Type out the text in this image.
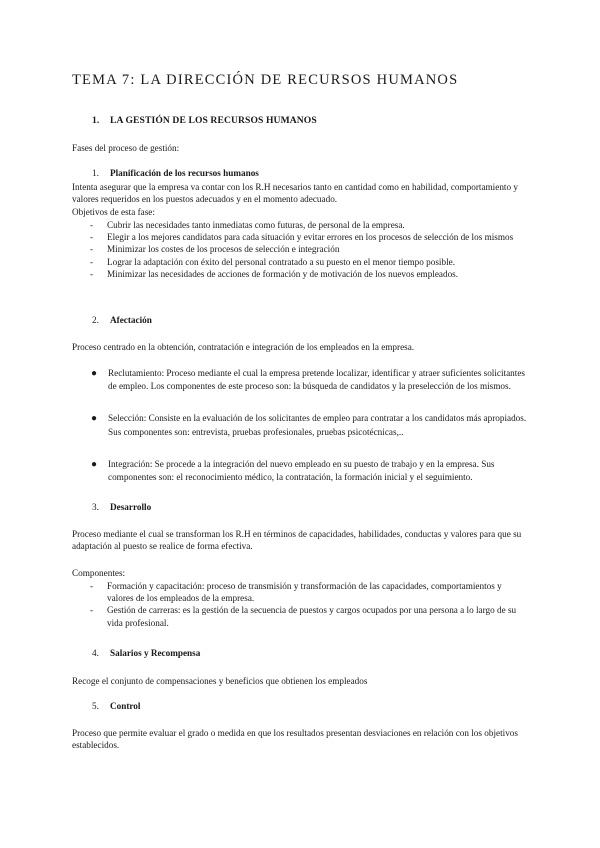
TEMA 7: LA DIRECCIÓN DE RECURSOS HUMANOS
1. LA GESTIÓN DE LOS RECURSOS HUMANOS

Fases del proceso de gestión:

1. Planificación de los recursos humanos

Intenta asegurar que la empresa va contar con los R.H necesarios tanto en cantidad como en habilidad, comportamiento y valores requeridos en los puestos adecuados y en el momento adecuado.

Objetivos de esta fase:

- Cubrir las necesidades tanto inmediatas como futuras, de personal de la empresa.
- Elegir a los mejores candidatos para cada situación y evitar errores en los procesos de selección de los mismos
- Minimizar los costes de los procesos de selección e integración
- Lograr la adaptación con éxito del personal contratado a su puesto en el menor tiempo posible.
- Minimizar las necesidades de acciones de formación y de motivación de los nuevos empleados.
2. Afectación

Proceso centrado en la obtención, contratación e integración de los empleados en la empresa.

● Reclutamiento: Proceso mediante el cual la empresa pretende localizar, identificar y atraer suficientes solicitantes de empleo. Los componentes de este proceso son: la búsqueda de candidatos y la preselección de los mismos.
● Selección: Consiste en la evaluación de los solicitantes de empleo para contratar a los candidatos más apropiados. Sus componentes son: entrevista, pruebas profesionales, pruebas psicotécnicas,..
● Integración: Se procede a la integración del nuevo empleado en su puesto de trabajo y en la empresa. Sus componentes son: el reconocimiento médico, la contratación, la formación inicial y el seguimiento.
3. Desarrollo

Proceso mediante el cual se transforman los R.H en términos de capacidades, habilidades, conductas y valores para que su adaptación al puesto se realice de forma efectiva.

Componentes:

- Formación y capacitación: proceso de transmisión y transformación de las capacidades, comportamientos y valores de los empleados de la empresa.
- Gestión de carreras: es la gestión de la secuencia de puestos y cargos ocupados por una persona a lo largo de su vida profesional.
4. Salarios y Recompensa

Recoge el conjunto de compensaciones y beneficios que obtienen los empleados

5. Control

Proceso que permite evaluar el grado o medida en que los resultados presentan desviaciones en relación con los objetivos establecidos.
